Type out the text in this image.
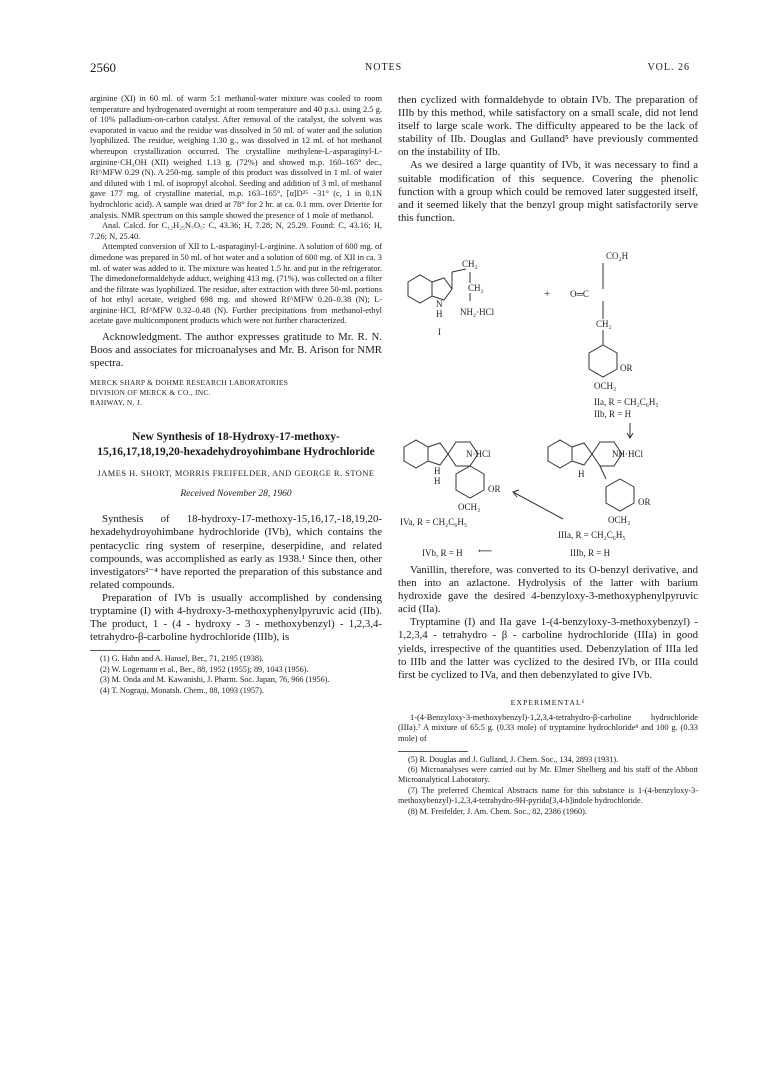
2560	NOTES	VOL. 26

arginine (XI) in 60 ml. of warm 5:1 methanol-water mixture was cooled to room temperature and hydrogenated overnight at room temperature and 40 p.s.i. using 2.5 g. of 10% palladium-on-carbon catalyst. After removal of the catalyst, the solvent was evaporated in vacuo and the residue was dissolved in 50 ml. of water and the solution lyophilized. The residue, weighing 1.30 g., was dissolved in 12 ml. of hot methanol whereupon crystallization occurred. The crystalline methylene-L-asparaginyl-L-arginine·CH₃OH (XII) weighed 1.13 g. (72%) and showed m.p. 160–165° dec., Rf^MFW 0.29 (N). A 250-mg. sample of this product was dissolved in 1 ml. of water and diluted with 1 ml. of isopropyl alcohol. Seeding and addition of 3 ml. of methanol gave 177 mg. of crystalline material, m.p. 163–165°, [α]D²⁵ −31° (c, 1 in 0.1N hydrochloric acid). A sample was dried at 78° for 2 hr. at ca. 0.1 mm. over Drierite for analysis. NMR spectrum on this sample showed the presence of 1 mole of methanol.

Anal. Calcd. for C₁₂H₂₅N₇O₅: C, 43.36; H, 7.28; N, 25.29. Found: C, 43.16; H, 7.26; N, 25.40.

Attempted conversion of XII to L-asparaginyl-L-arginine. A solution of 600 mg. of dimedone was prepared in 50 ml. of hot water and a solution of 600 mg. of XII in ca. 3 ml. of water was added to it. The mixture was heated 1.5 hr. and put in the refrigerator. The dimedoneformaldehyde adduct, weighing 413 mg. (71%), was collected on a filter and the filtrate was lyophilized. The residue, after extraction with three 50-ml. portions of hot ethyl acetate, weighed 698 mg. and showed Rf^MFW 0.20–0.38 (N); L-arginine·HCl, Rf^MFW 0.32–0.48 (N). Further precipitations from methanol-ethyl acetate gave multicomponent products which were not further characterized.

Acknowledgment. The author expresses gratitude to Mr. R. N. Boos and associates for microanalyses and Mr. B. Arison for NMR spectra.

MERCK SHARP & DOHME RESEARCH LABORATORIES
DIVISION OF MERCK & CO., INC.
RAHWAY, N. J.
New Synthesis of 18-Hydroxy-17-methoxy-15,16,17,18,19,20-hexadehydroyohimbane Hydrochloride
JAMES H. SHORT, MORRIS FREIFELDER, AND GEORGE R. STONE
Received November 28, 1960

Synthesis of 18-hydroxy-17-methoxy-15,16,17,-18,19,20-hexadehydroyohimbane hydrochloride (IVb), which contains the pentacyclic ring system of reserpine, deserpidine, and related compounds, was accomplished as early as 1938.¹ Since then, other investigators²⁻⁴ have reported the preparation of this substance and related compounds.

Preparation of IVb is usually accomplished by condensing tryptamine (I) with 4-hydroxy-3-methoxyphenylpyruvic acid (IIb). The product, 1 - (4 - hydroxy - 3 - methoxybenzyl) - 1,2,3,4-tetrahydro-β-carboline hydrochloride (IIIb), is

(1) G. Hahn and A. Hansel, Ber., 71, 2195 (1938).

(2) W. Logemann et al., Ber., 88, 1952 (1955); 89, 1043 (1956).

(3) M. Onda and M. Kawanishi, J. Pharm. Soc. Japan, 76, 966 (1956).

(4) T. Nograді, Monatsh. Chem., 88, 1093 (1957).

then cyclized with formaldehyde to obtain IVb. The preparation of IIIb by this method, while satisfactory on a small scale, did not lend itself to large scale work. The difficulty appeared to be the lack of stability of IIb. Douglas and Gulland⁵ have previously commented on the instability of IIb.

As we desired a large quantity of IVb, it was necessary to find a suitable modification of this sequence. Covering the phenolic function with a group which could be removed later suggested itself, and it seemed likely that the benzyl group might satisfactorily serve this function.

CH₂
CH₂
N
H NH₂·HCl
I
+
CO₂H
O═C
CH₂
OR
OCH₃
IIa, R = CH₂C₆H₅
IIb, R = H
N·HCl
H
H
OR
OCH₃
IVa, R = CH₂C₆H₅
NH·HCl
H
OR
OCH₃
IIIa, R = CH₂C₆H₅
IVb, R = H ⟵	IIIb, R = H

Vanillin, therefore, was converted to its O-benzyl derivative, and then into an azlactone. Hydrolysis of the latter with barium hydroxide gave the desired 4-benzyloxy-3-methoxyphenylpyruvic acid (IIa).

Tryptamine (I) and IIa gave 1-(4-benzyloxy-3-methoxybenzyl) - 1,2,3,4 - tetrahydro - β - carboline hydrochloride (IIIa) in good yields, irrespective of the quantities used. Debenzylation of IIIa led to IIIb and the latter was cyclized to the desired IVb, or IIIa could first be cyclized to IVa, and then debenzylated to give IVb.

EXPERIMENTAL⁶

1-(4-Benzyloxy-3-methoxybenzyl)-1,2,3,4-tetrahydro-β-carboline hydrochloride (IIIa).⁷ A mixture of 65.5 g. (0.33 mole) of tryptamine hydrochloride⁸ and 100 g. (0.33 mole) of

(5) R. Douglas and J. Gulland, J. Chem. Soc., 134, 2893 (1931).

(6) Microanalyses were carried out by Mr. Elmer Shelberg and his staff of the Abbott Microanalytical Laboratory.

(7) The preferred Chemical Abstracts name for this substance is 1-(4-benzyloxy-3-methoxybenzyl)-1,2,3,4-tetrahydro-9H-pyrido[3,4-b]indole hydrochloride.

(8) M. Freifelder, J. Am. Chem. Soc., 82, 2386 (1960).
